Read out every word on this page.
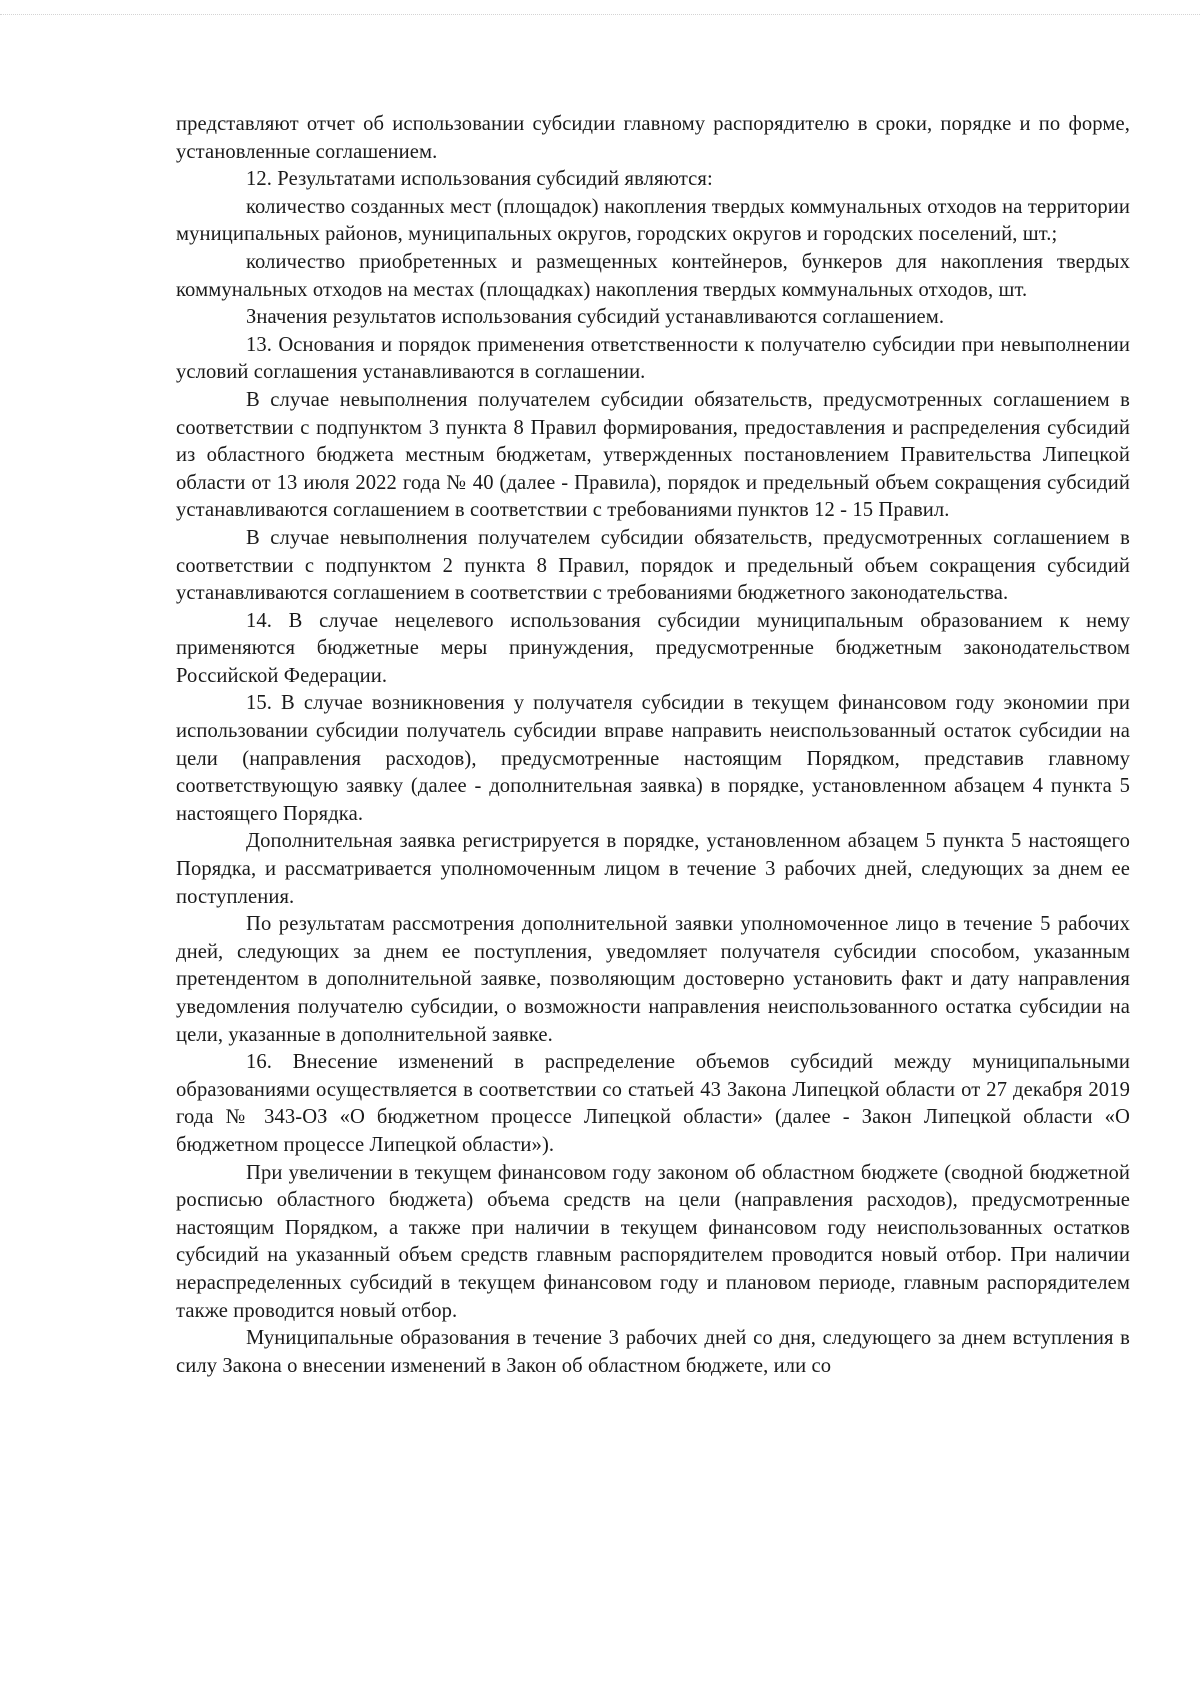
представляют отчет об использовании субсидии главному распорядителю в сроки, порядке и по форме, установленные соглашением.

12. Результатами использования субсидий являются:

количество созданных мест (площадок) накопления твердых коммунальных отходов на территории муниципальных районов, муниципальных округов, городских округов и городских поселений, шт.;

количество приобретенных и размещенных контейнеров, бункеров для накопления твердых коммунальных отходов на местах (площадках) накопления твердых коммунальных отходов, шт.

Значения результатов использования субсидий устанавливаются соглашением.

13. Основания и порядок применения ответственности к получателю субсидии при невыполнении условий соглашения устанавливаются в соглашении.

В случае невыполнения получателем субсидии обязательств, предусмотренных соглашением в соответствии с подпунктом 3 пункта 8 Правил формирования, предоставления и распределения субсидий из областного бюджета местным бюджетам, утвержденных постановлением Правительства Липецкой области от 13 июля 2022 года № 40 (далее - Правила), порядок и предельный объем сокращения субсидий устанавливаются соглашением в соответствии с требованиями пунктов 12 - 15 Правил.

В случае невыполнения получателем субсидии обязательств, предусмотренных соглашением в соответствии с подпунктом 2 пункта 8 Правил, порядок и предельный объем сокращения субсидий устанавливаются соглашением в соответствии с требованиями бюджетного законодательства.

14. В случае нецелевого использования субсидии муниципальным образованием к нему применяются бюджетные меры принуждения, предусмотренные бюджетным законодательством Российской Федерации.

15. В случае возникновения у получателя субсидии в текущем финансовом году экономии при использовании субсидии получатель субсидии вправе направить неиспользованный остаток субсидии на цели (направления расходов), предусмотренные настоящим Порядком, представив главному соответствующую заявку (далее - дополнительная заявка) в порядке, установленном абзацем 4 пункта 5 настоящего Порядка.

Дополнительная заявка регистрируется в порядке, установленном абзацем 5 пункта 5 настоящего Порядка, и рассматривается уполномоченным лицом в течение 3 рабочих дней, следующих за днем ее поступления.

По результатам рассмотрения дополнительной заявки уполномоченное лицо в течение 5 рабочих дней, следующих за днем ее поступления, уведомляет получателя субсидии способом, указанным претендентом в дополнительной заявке, позволяющим достоверно установить факт и дату направления уведомления получателю субсидии, о возможности направления неиспользованного остатка субсидии на цели, указанные в дополнительной заявке.

16. Внесение изменений в распределение объемов субсидий между муниципальными образованиями осуществляется в соответствии со статьей 43 Закона Липецкой области от 27 декабря 2019 года № 343-ОЗ «О бюджетном процессе Липецкой области» (далее - Закон Липецкой области «О бюджетном процессе Липецкой области»).

При увеличении в текущем финансовом году законом об областном бюджете (сводной бюджетной росписью областного бюджета) объема средств на цели (направления расходов), предусмотренные настоящим Порядком, а также при наличии в текущем финансовом году неиспользованных остатков субсидий на указанный объем средств главным распорядителем проводится новый отбор. При наличии нераспределенных субсидий в текущем финансовом году и плановом периоде, главным распорядителем также проводится новый отбор.

Муниципальные образования в течение 3 рабочих дней со дня, следующего за днем вступления в силу Закона о внесении изменений в Закон об областном бюджете, или со
